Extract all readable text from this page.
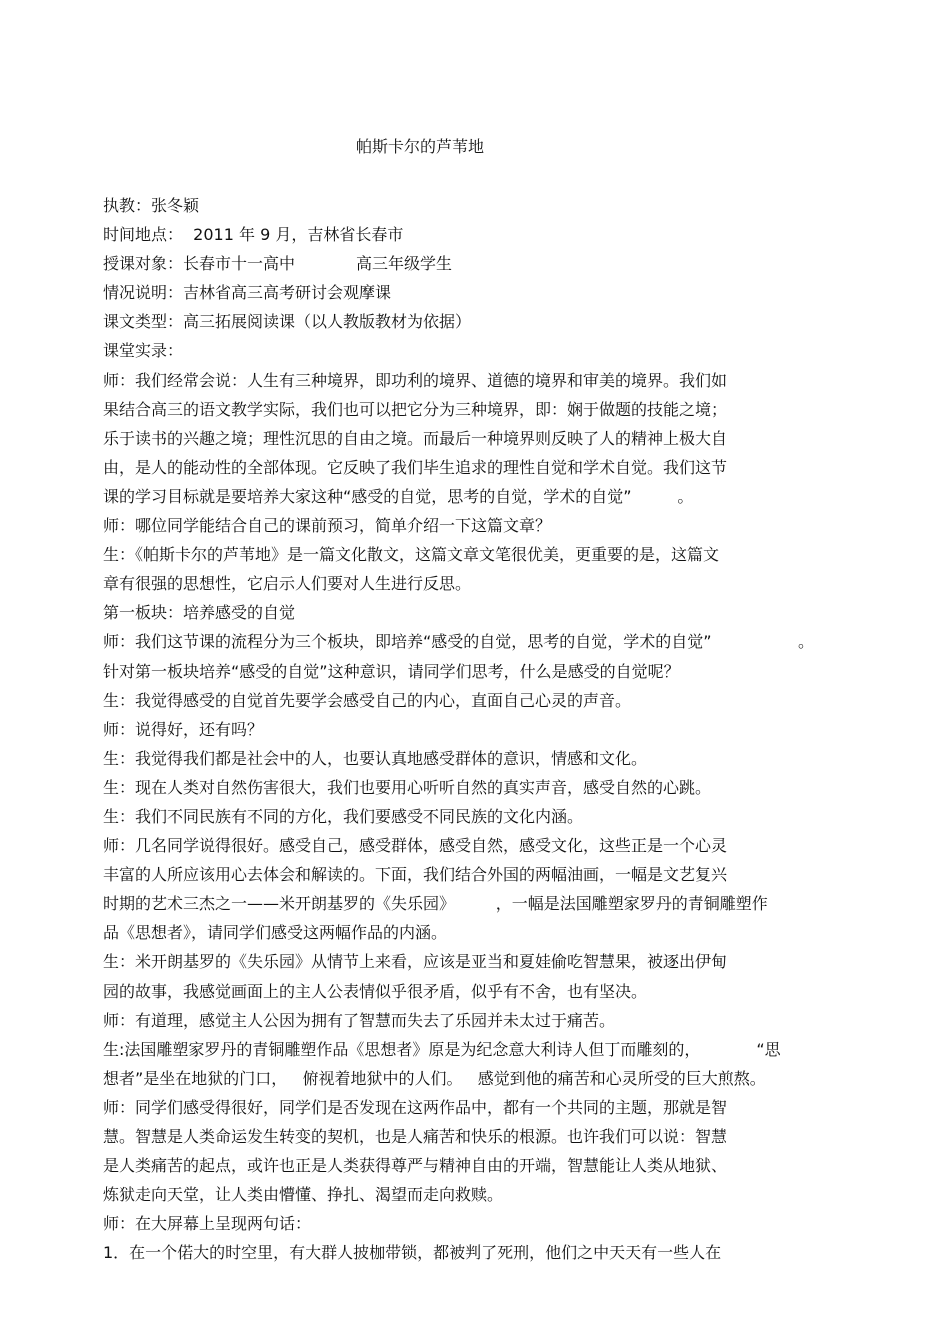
帕斯卡尔的芦苇地
执教：张冬颖
时间地点：  2011 年 9 月，吉林省长春市
授课对象：长春市十一高中            高三年级学生
情况说明：吉林省高三高考研讨会观摩课
课文类型：高三拓展阅读课（以人教版教材为依据）
课堂实录：
师：我们经常会说：人生有三种境界，即功利的境界、道德的境界和审美的境界。我们如
果结合高三的语文教学实际，我们也可以把它分为三种境界，即：娴于做题的技能之境；
乐于读书的兴趣之境；理性沉思的自由之境。而最后一种境界则反映了人的精神上极大自
由，是人的能动性的全部体现。它反映了我们毕生追求的理性自觉和学术自觉。我们这节
课的学习目标就是要培养大家这种“感受的自觉，思考的自觉，学术的自觉”         。
师：哪位同学能结合自己的课前预习，简单介绍一下这篇文章？
生：《帕斯卡尔的芦苇地》是一篇文化散文，这篇文章文笔很优美，更重要的是，这篇文
章有很强的思想性，它启示人们要对人生进行反思。
第一板块：培养感受的自觉
师：我们这节课的流程分为三个板块，即培养“感受的自觉，思考的自觉，学术的自觉”                 。
针对第一板块培养“感受的自觉”这种意识，请同学们思考，什么是感受的自觉呢？
生：我觉得感受的自觉首先要学会感受自己的内心，直面自己心灵的声音。
师：说得好，还有吗？
生：我觉得我们都是社会中的人，也要认真地感受群体的意识，情感和文化。
生：现在人类对自然伤害很大，我们也要用心听听自然的真实声音，感受自然的心跳。
生：我们不同民族有不同的方化，我们要感受不同民族的文化内涵。
师：几名同学说得很好。感受自己，感受群体，感受自然，感受文化，这些正是一个心灵
丰富的人所应该用心去体会和解读的。下面，我们结合外国的两幅油画，一幅是文艺复兴
时期的艺术三杰之一——米开朗基罗的《失乐园》        ，一幅是法国雕塑家罗丹的青铜雕塑作
品《思想者》，请同学们感受这两幅作品的内涵。
生：米开朗基罗的《失乐园》从情节上来看，应该是亚当和夏娃偷吃智慧果，被逐出伊甸
园的故事，我感觉画面上的主人公表情似乎很矛盾，似乎有不舍，也有坚决。
师：有道理，感觉主人公因为拥有了智慧而失去了乐园并未太过于痛苦。
生:法国雕塑家罗丹的青铜雕塑作品《思想者》原是为纪念意大利诗人但丁而雕刻的，           “思
想者”是坐在地狱的门口，   俯视着地狱中的人们。   感觉到他的痛苦和心灵所受的巨大煎熬。
师：同学们感受得很好，同学们是否发现在这两作品中，都有一个共同的主题，那就是智
慧。智慧是人类命运发生转变的契机，也是人痛苦和快乐的根源。也许我们可以说：智慧
是人类痛苦的起点，或许也正是人类获得尊严与精神自由的开端，智慧能让人类从地狱、
炼狱走向天堂，让人类由懵懂、挣扎、渴望而走向救赎。
师：在大屏幕上呈现两句话：
1．在一个偌大的时空里，有大群人披枷带锁，都被判了死刑，他们之中天天有一些人在
